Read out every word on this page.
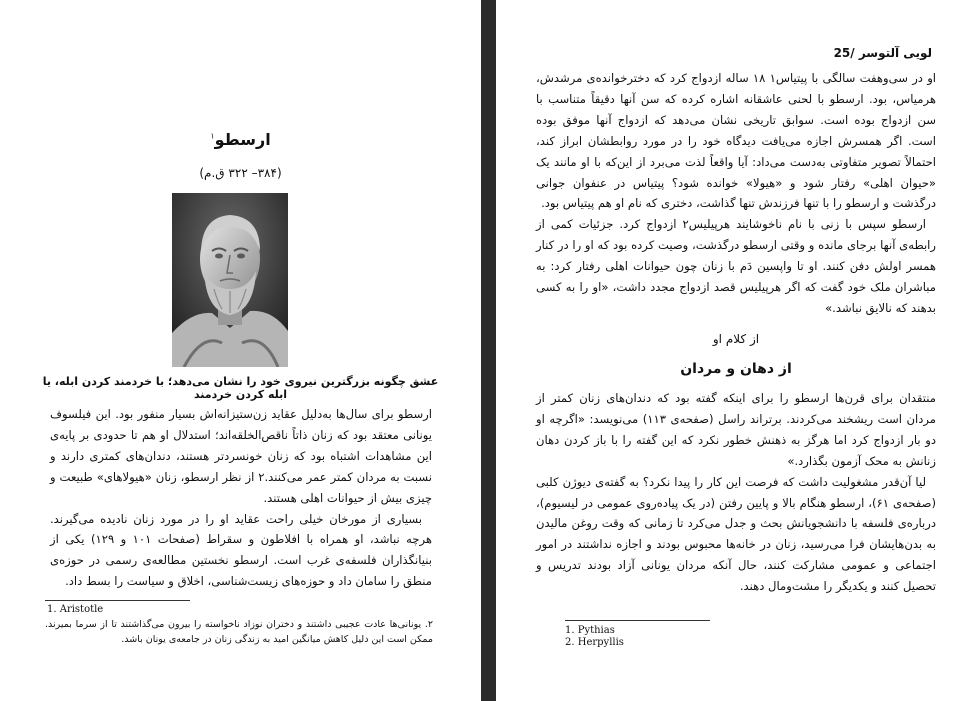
ارسطو$^۱$
(۳۸۴– ۳۲۲ ق.م)
عشق چگونه بزرگترین نیروی خود را نشان می‌دهد؛ با خردمند کردن ابله، یا ابله کردن خردمند

ارسطو برای سال‌ها به‌دلیل عقاید زن‌ستیزانه‌اش بسیار منفور بود. این فیلسوف یونانی معتقد بود که زنان ذاتاً ناقص‌الخلقه‌اند؛ استدلال او هم تا حدودی بر پایه‌ی این مشاهدات اشتباه بود که زنان خونسردتر هستند، دندان‌های کمتری دارند و نسبت به مردان کمتر عمر می‌کنند.۲ از نظر ارسطو، زنان «هیولاهای» طبیعت و چیزی بیش از حیوانات اهلی هستند.

بسیاری از مورخان خیلی راحت عقاید او را در مورد زنان نادیده می‌گیرند. هرچه نباشد، او همراه با افلاطون و سقراط (صفحات ۱۰۱ و ۱۲۹) یکی از بنیانگذاران فلسفه‌ی غرب است. ارسطو نخستین مطالعه‌ی رسمی در حوزه‌ی منطق را سامان داد و حوزه‌های زیست‌شناسی، اخلاق و سیاست را بسط داد.

1. Aristotle
۲. یونانی‌ها عادت عجیبی داشتند و دختران نوزاد ناخواسته را بیرون می‌گذاشتند تا از سرما بمیرند. ممکن است این دلیل کاهش میانگین امید به زندگی زنان در جامعه‌ی یونان باشد.
لویی آلتوسر /25

او در سی‌وهفت سالگی با پیتیاس۱ ۱۸ ساله ازدواج کرد که دخترخوانده‌ی مرشدش، هرمیاس، بود. ارسطو با لحنی عاشقانه اشاره کرده که سن آنها دقیقاً متناسب با سن ازدواج بوده است. سوابق تاریخی نشان می‌دهد که ازدواج آنها موفق بوده است. اگر همسرش اجازه می‌یافت دیدگاه خود را در مورد روابطشان ابراز کند، احتمالاً تصویر متفاوتی به‌دست می‌داد: آیا واقعاً لذت می‌برد از این‌که با او مانند یک «حیوان اهلی» رفتار شود و «هیولا» خوانده شود؟ پیتیاس در عنفوان جوانی درگذشت و ارسطو را با تنها فرزندش تنها گذاشت، دختری که نام او هم پیتیاس بود.

ارسطو سپس با زنی با نام ناخوشایند هرپیلیس۲ ازدواج کرد. جزئیات کمی از رابطه‌ی آنها برجای مانده و وقتی ارسطو درگذشت، وصیت کرده بود که او را در کنار همسر اولش دفن کنند. او تا واپسین دَم با زنان چون حیوانات اهلی رفتار کرد: به مباشران ملک خود گفت که اگر هرپیلیس قصد ازدواج مجدد داشت، «او را به کسی بدهند که نالایق نباشد.»

از کلام او
از دهان و مردان

منتقدان برای قرن‌ها ارسطو را برای اینکه گفته بود که دندان‌های زنان کمتر از مردان است ریشخند می‌کردند. برتراند راسل (صفحه‌ی ۱۱۳) می‌نویسد: «اگرچه او دو بار ازدواج کرد اما هرگز به ذهنش خطور نکرد که این گفته را با باز کردن دهان زنانش به محک آزمون بگذارد.»

لیا آن‌قدر مشغولیت داشت که فرصت این کار را پیدا نکرد؟ به گفته‌ی دیوژن کلبی (صفحه‌ی ۶۱)، ارسطو هنگام بالا و پایین رفتن (در یک پیاده‌روی عمومی در لیسیوم)، درباره‌ی فلسفه با دانشجویانش بحث و جدل می‌کرد تا زمانی که وقت روغن مالیدن به بدن‌هایشان فرا می‌رسید، زنان در خانه‌ها محبوس بودند و اجازه نداشتند در امور اجتماعی و عمومی مشارکت کنند، حال آنکه مردان یونانی آزاد بودند تدریس و تحصیل کنند و یکدیگر را مشت‌ومال دهند.

1. Pythias
2. Herpyllis
